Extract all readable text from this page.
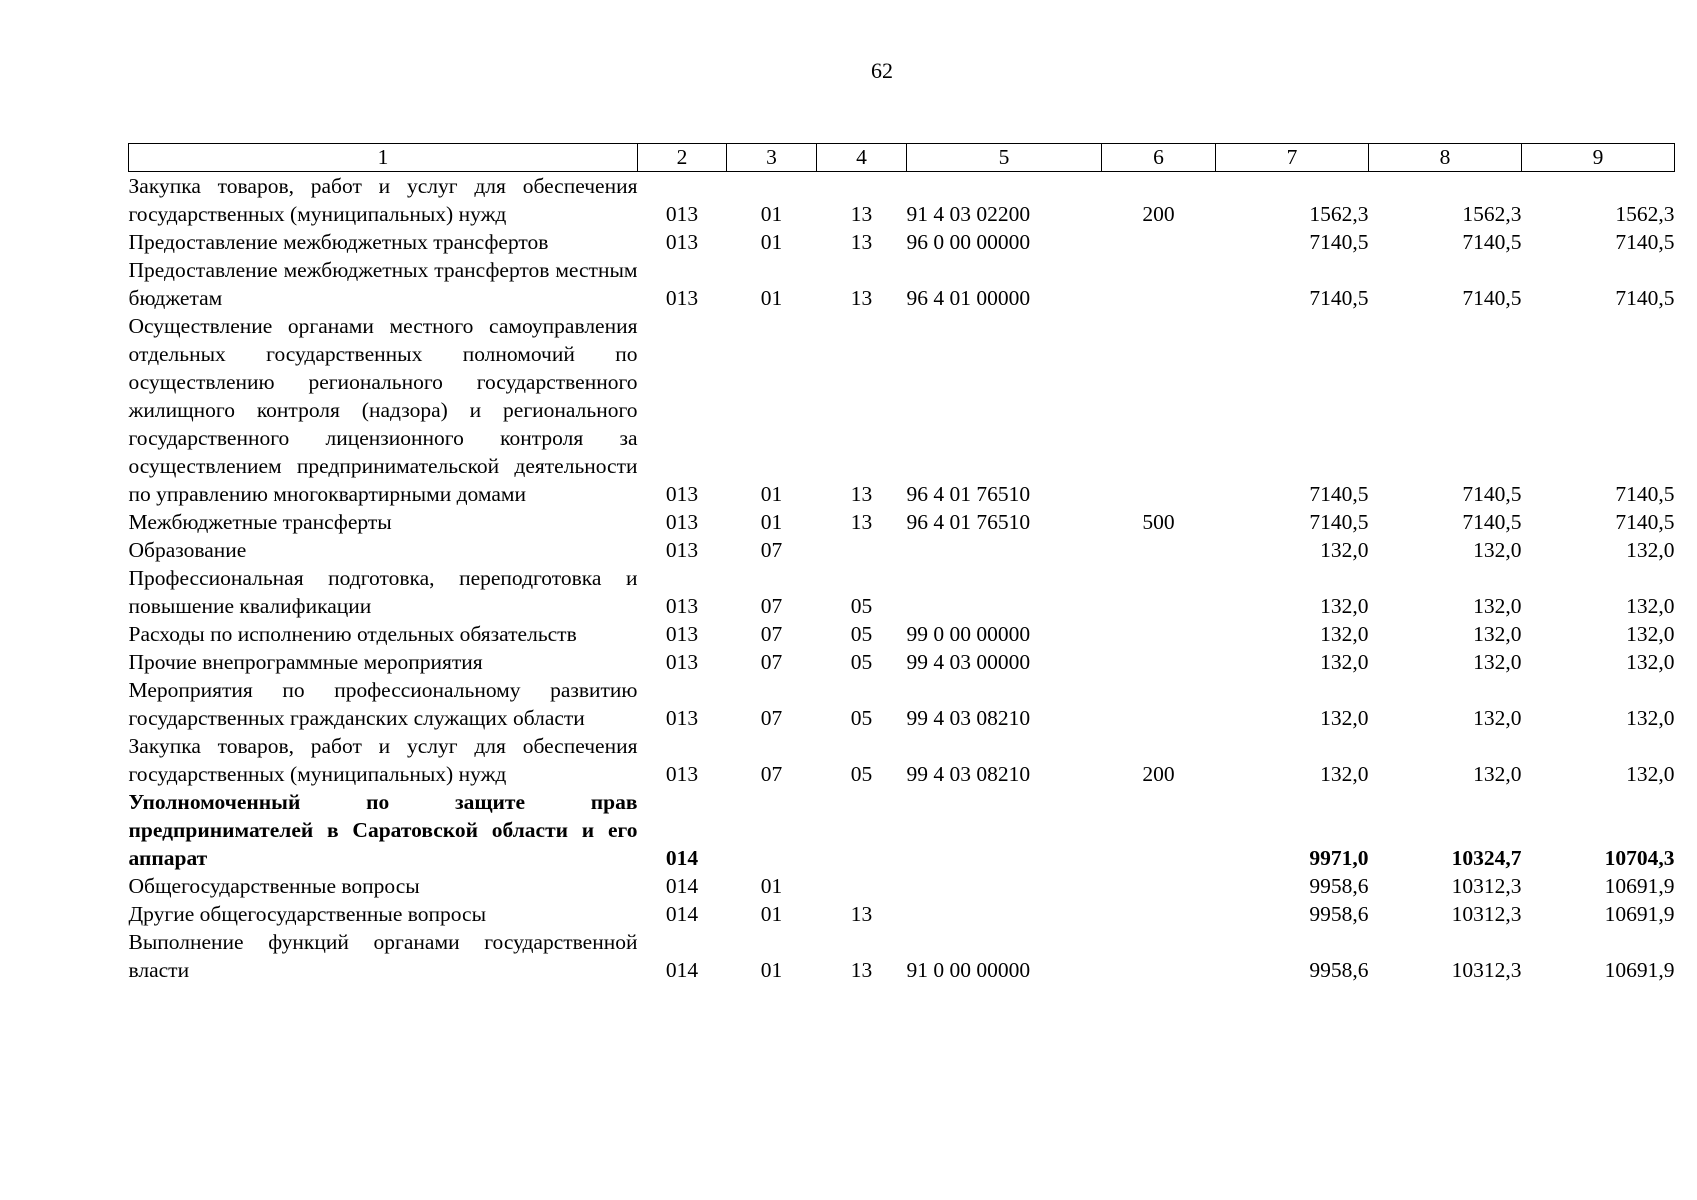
62
1	2	3	4	5	6	7	8	9
Закупка товаров, работ и услуг для обеспечения государственных (муниципальных) нужд	013	01	13	91 4 03 02200	200	1562,3	1562,3	1562,3
Предоставление межбюджетных трансфертов	013	01	13	96 0 00 00000		7140,5	7140,5	7140,5
Предоставление межбюджетных трансфертов местным бюджетам	013	01	13	96 4 01 00000		7140,5	7140,5	7140,5
Осуществление органами местного самоуправления отдельных государственных полномочий по осуществлению регионального государственного жилищного контроля (надзора) и регионального государственного лицензионного контроля за осуществлением предпринимательской деятельности по управлению многоквартирными домами	013	01	13	96 4 01 76510		7140,5	7140,5	7140,5
Межбюджетные трансферты	013	01	13	96 4 01 76510	500	7140,5	7140,5	7140,5
Образование	013	07				132,0	132,0	132,0
Профессиональная подготовка, переподготовка и повышение квалификации	013	07	05			132,0	132,0	132,0
Расходы по исполнению отдельных обязательств	013	07	05	99 0 00 00000		132,0	132,0	132,0
Прочие внепрограммные мероприятия	013	07	05	99 4 03 00000		132,0	132,0	132,0
Мероприятия по профессиональному развитию государственных гражданских служащих области	013	07	05	99 4 03 08210		132,0	132,0	132,0
Закупка товаров, работ и услуг для обеспечения государственных (муниципальных) нужд	013	07	05	99 4 03 08210	200	132,0	132,0	132,0
Уполномоченный по защите прав предпринимателей в Саратовской области и его аппарат	014					9971,0	10324,7	10704,3
Общегосударственные вопросы	014	01				9958,6	10312,3	10691,9
Другие общегосударственные вопросы	014	01	13			9958,6	10312,3	10691,9
Выполнение функций органами государственной власти	014	01	13	91 0 00 00000		9958,6	10312,3	10691,9
